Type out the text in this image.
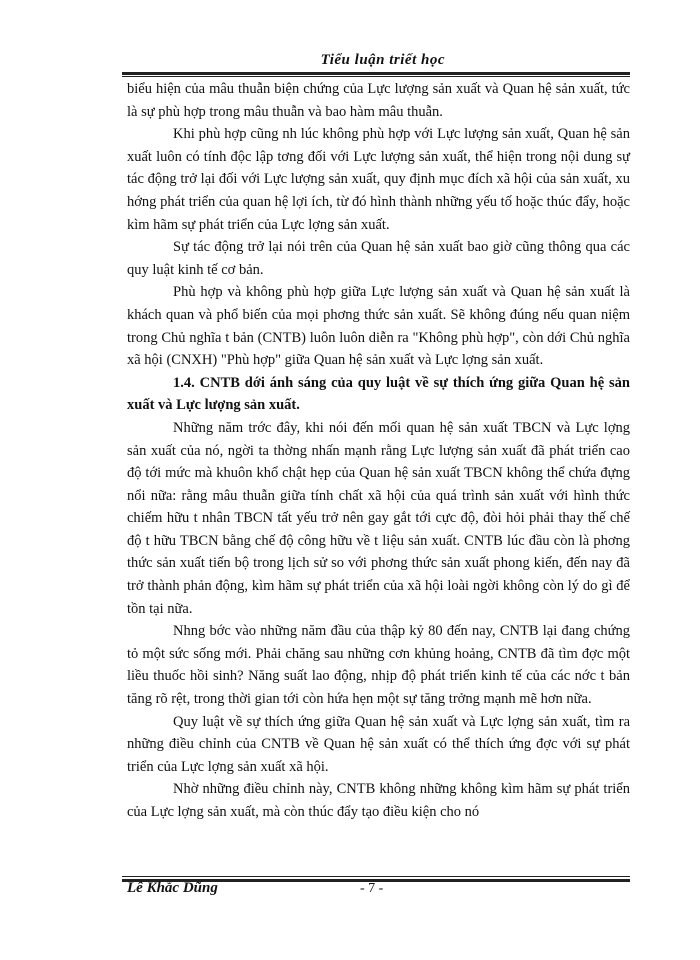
Tiểu luận triết học

biểu hiện của mâu thuẫn biện chứng của Lực lượng sản xuất và Quan hệ sản xuất, tức là sự phù hợp trong mâu thuẫn và bao hàm mâu thuẫn.

Khi phù hợp cũng nh lúc không phù hợp với Lực lượng sản xuất, Quan hệ sản xuất luôn có tính độc lập tơng đối với Lực lượng sản xuất, thể hiện trong nội dung sự tác động trở lại đối với Lực lượng sản xuất, quy định mục đích xã hội của sản xuất, xu hớng phát triển của quan hệ lợi ích, từ đó hình thành những yếu tố hoặc thúc đẩy, hoặc kìm hãm sự phát triển của Lực lợng sản xuất.

Sự tác động trở lại nói trên của Quan hệ sản xuất bao giờ cũng thông qua các quy luật kinh tế cơ bản.

Phù hợp và không phù hợp giữa Lực lượng sản xuất và Quan hệ sản xuất là khách quan và phổ biến của mọi phơng thức sản xuất. Sẽ không đúng nếu quan niệm trong Chủ nghĩa t bản (CNTB) luôn luôn diễn ra "Không phù hợp", còn dới Chủ nghĩa xã hội (CNXH) "Phù hợp" giữa Quan hệ sản xuất và Lực lợng sản xuất.

1.4. CNTB dới ánh sáng của quy luật về sự thích ứng giữa Quan hệ sản xuất và Lực lượng sản xuất.

Những năm trớc đây, khi nói đến mối quan hệ sản xuất TBCN và Lực lợng sản xuất của nó, ngời ta thờng nhấn mạnh rằng Lực lượng sản xuất đã phát triển cao độ tới mức mà khuôn khổ chật hẹp của Quan hệ sản xuất TBCN không thể chứa đựng nổi nữa: rằng mâu thuẫn giữa tính chất xã hội của quá trình sản xuất với hình thức chiếm hữu t nhân TBCN tất yếu trở nên gay gắt tới cực độ, đòi hỏi phải thay thế chế độ t hữu TBCN bằng chế độ công hữu về t liệu sản xuất. CNTB lúc đầu còn là phơng thức sản xuất tiến bộ trong lịch sử so với phơng thức sản xuất phong kiến, đến nay đã trở thành phản động, kìm hãm sự phát triển của xã hội loài ngời không còn lý do gì để tồn tại nữa.

Nhng bớc vào những năm đầu của thập kỷ 80 đến nay, CNTB lại đang chứng tỏ một sức sống mới. Phải chăng sau những cơn khủng hoảng, CNTB đã tìm đợc một liều thuốc hồi sinh? Năng suất lao động, nhịp độ phát triển kinh tế của các nớc t bản tăng rõ rệt, trong thời gian tới còn hứa hẹn một sự tăng trởng mạnh mẽ hơn nữa.

Quy luật về sự thích ứng giữa Quan hệ sản xuất và Lực lợng sản xuất, tìm ra những điều chỉnh của CNTB về Quan hệ sản xuất có thể thích ứng đợc với sự phát triển của Lực lợng sản xuất xã hội.

Nhờ những điều chỉnh này, CNTB không những không kìm hãm sự phát triển của Lực lợng sản xuất, mà còn thúc đẩy tạo điều kiện cho nó

Lê Khắc Dũng	- 7 -
